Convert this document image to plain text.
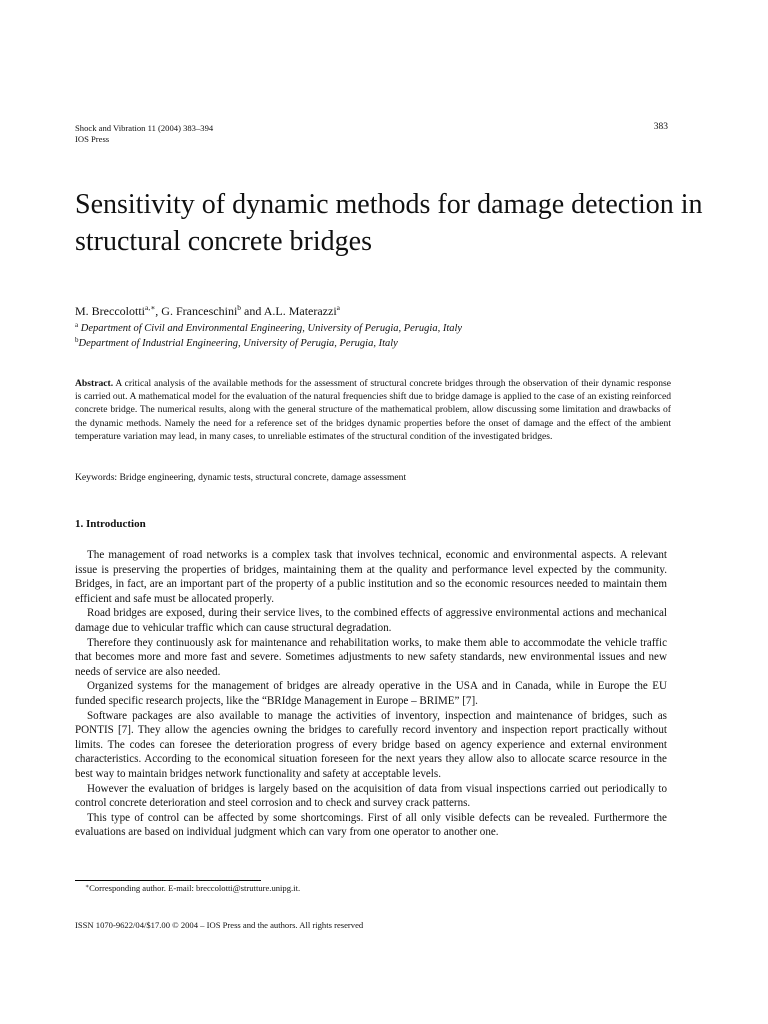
Shock and Vibration 11 (2004) 383–394
IOS Press
383
Sensitivity of dynamic methods for damage detection in structural concrete bridges
M. Breccolotti$^{a,∗}$, G. Franceschini$^b$ and A.L. Materazzi$^a$
$^a$ Department of Civil and Environmental Engineering, University of Perugia, Perugia, Italy
$^b$Department of Industrial Engineering, University of Perugia, Perugia, Italy

Abstract. A critical analysis of the available methods for the assessment of structural concrete bridges through the observation of their dynamic response is carried out. A mathematical model for the evaluation of the natural frequencies shift due to bridge damage is applied to the case of an existing reinforced concrete bridge. The numerical results, along with the general structure of the mathematical problem, allow discussing some limitation and drawbacks of the dynamic methods. Namely the need for a reference set of the bridges dynamic properties before the onset of damage and the effect of the ambient temperature variation may lead, in many cases, to unreliable estimates of the structural condition of the investigated bridges.

Keywords: Bridge engineering, dynamic tests, structural concrete, damage assessment

1. Introduction

The management of road networks is a complex task that involves technical, economic and environmental aspects. A relevant issue is preserving the properties of bridges, maintaining them at the quality and performance level expected by the community. Bridges, in fact, are an important part of the property of a public institution and so the economic resources needed to maintain them efficient and safe must be allocated properly.

Road bridges are exposed, during their service lives, to the combined effects of aggressive environmental actions and mechanical damage due to vehicular traffic which can cause structural degradation.

Therefore they continuously ask for maintenance and rehabilitation works, to make them able to accommodate the vehicle traffic that becomes more and more fast and severe. Sometimes adjustments to new safety standards, new environmental issues and new needs of service are also needed.

Organized systems for the management of bridges are already operative in the USA and in Canada, while in Europe the EU funded specific research projects, like the “BRIdge Management in Europe – BRIME” [7].

Software packages are also available to manage the activities of inventory, inspection and maintenance of bridges, such as PONTIS [7]. They allow the agencies owning the bridges to carefully record inventory and inspection report practically without limits. The codes can foresee the deterioration progress of every bridge based on agency experience and external environment characteristics. According to the economical situation foreseen for the next years they allow also to allocate scarce resource in the best way to maintain bridges network functionality and safety at acceptable levels.

However the evaluation of bridges is largely based on the acquisition of data from visual inspections carried out periodically to control concrete deterioration and steel corrosion and to check and survey crack patterns.

This type of control can be affected by some shortcomings. First of all only visible defects can be revealed. Furthermore the evaluations are based on individual judgment which can vary from one operator to another one.

∗Corresponding author. E-mail: breccolotti@strutture.unipg.it.
ISSN 1070-9622/04/$17.00 © 2004 – IOS Press and the authors. All rights reserved
